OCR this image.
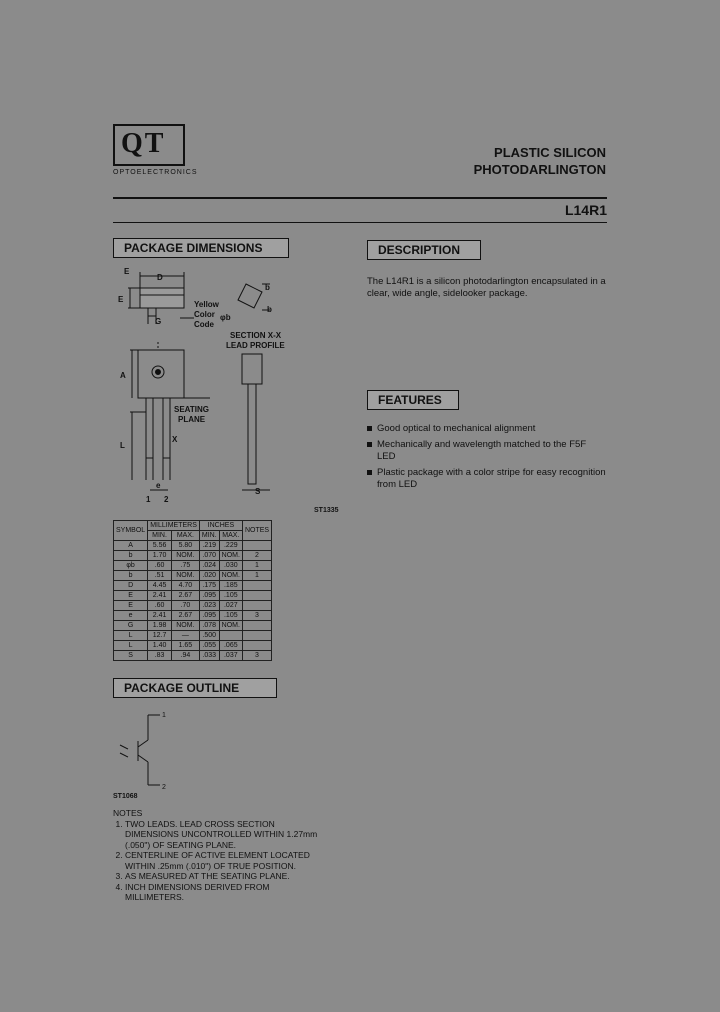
QT
OPTOELECTRONICS
PLASTIC SILICON
PHOTODARLINGTON
L14R1
PACKAGE DIMENSIONS
D
E
E
G
Yellow
Color
Code
b
b
φb
SECTION X-X
LEAD PROFILE
A
SEATING
PLANE
X
L
e
1 2
S
ST1335
SYMBOL	MILLIMETERS		INCHES		NOTES
	MIN.	MAX.	MIN.	MAX.	
A	5.56	5.80	.219	.229	
b	1.70	NOM.	.070	NOM.	2
φb	.60	.75	.024	.030	1
b	.51	NOM.	.020	NOM.	1
D	4.45	4.70	.175	.185	
E	2.41	2.67	.095	.105	
E	.60	.70	.023	.027	
e	2.41	2.67	.095	.105	3
G	1.98	NOM.	.078	NOM.	
L	12.7	—	.500		
L	1.40	1.65	.055	.065	
S	.83	.94	.033	.037	3
PACKAGE OUTLINE
1
2
ST1068
NOTES
1. TWO LEADS. LEAD CROSS SECTION DIMENSIONS UNCONTROLLED WITHIN 1.27mm (.050") OF SEATING PLANE.
2. CENTERLINE OF ACTIVE ELEMENT LOCATED WITHIN .25mm (.010") OF TRUE POSITION.
3. AS MEASURED AT THE SEATING PLANE.
4. INCH DIMENSIONS DERIVED FROM MILLIMETERS.
DESCRIPTION
The L14R1 is a silicon photodarlington encapsulated in a clear, wide angle, sidelooker package.
FEATURES
Good optical to mechanical alignment
Mechanically and wavelength matched to the F5F LED
Plastic package with a color stripe for easy recognition from LED
